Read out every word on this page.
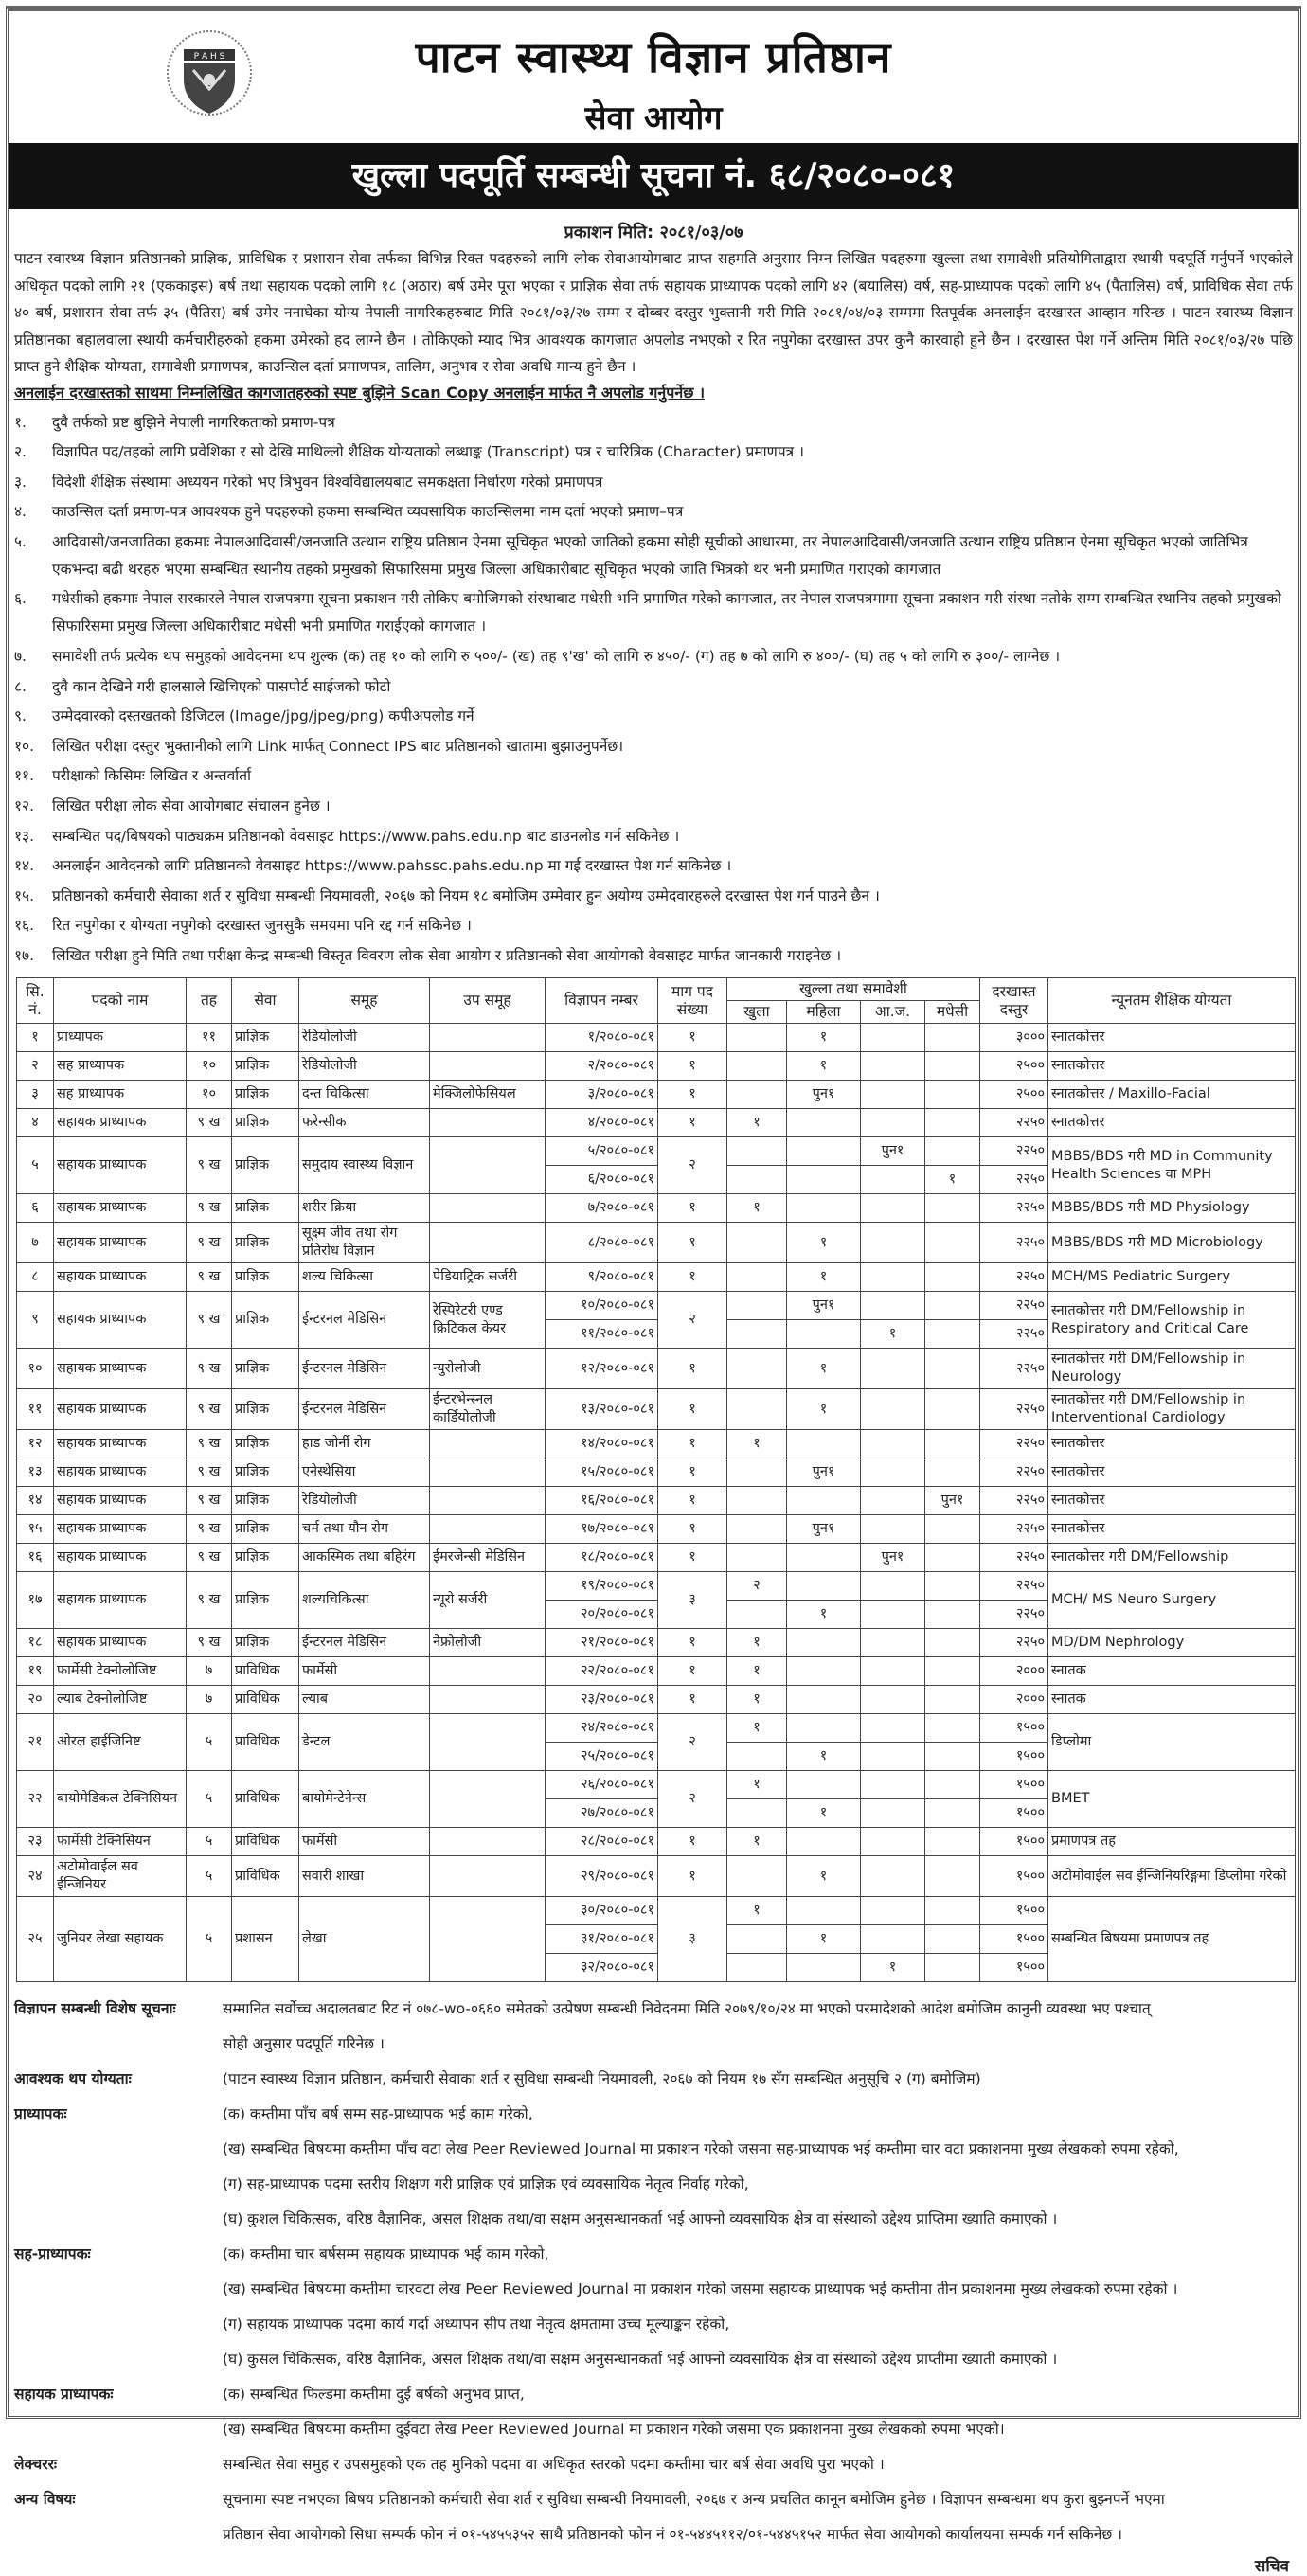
P A H S	पाटन स्वास्थ्य विज्ञान प्रतिष्ठान
सेवा आयोग
खुल्ला पदपूर्ति सम्बन्धी सूचना नं. ६८/२०८०-०८१
प्रकाशन मिति: २०८१/०३/०७

पाटन स्वास्थ्य विज्ञान प्रतिष्ठानको प्राज्ञिक, प्राविधिक र प्रशासन सेवा तर्फका विभिन्न रिक्त पदहरुको लागि लोक सेवाआयोगबाट प्राप्त सहमति अनुसार निम्न लिखित पदहरुमा खुल्ला तथा समावेशी प्रतियोगिताद्वारा स्थायी पदपूर्ति गर्नुपर्ने भएकोले अधिकृत पदको लागि २१ (एककाइस) बर्ष तथा सहायक पदको लागि १८ (अठार) बर्ष उमेर पूरा भएका र प्राज्ञिक सेवा तर्फ सहायक प्राध्यापक पदको लागि ४२ (बयालिस) वर्ष, सह-प्राध्यापक पदको लागि ४५ (पैतालिस) वर्ष, प्राविधिक सेवा तर्फ ४० बर्ष, प्रशासन सेवा तर्फ ३५ (पैतिस) बर्ष उमेर ननाघेका योग्य नेपाली नागरिकहरुबाट मिति २०८१/०३/२७ सम्म र दोब्बर दस्तुर भुक्तानी गरी मिति २०८१/०४/०३ सम्ममा रितपूर्वक अनलाईन दरखास्त आव्हान गरिन्छ । पाटन स्वास्थ्य विज्ञान प्रतिष्ठानका बहालवाला स्थायी कर्मचारीहरुको हकमा उमेरको हद लाग्ने छैन । तोकिएको म्याद भित्र आवश्यक कागजात अपलोड नभएको र रित नपुगेका दरखास्त उपर कुनै कारवाही हुने छैन । दरखास्त पेश गर्ने अन्तिम मिति २०८१/०३/२७ पछि प्राप्त हुने शैक्षिक योग्यता, समावेशी प्रमाणपत्र, काउन्सिल दर्ता प्रमाणपत्र, तालिम, अनुभव र सेवा अवधि मान्य हुने छैन ।

अनलाईन दरखास्तको साथमा निम्नलिखित कागजातहरुको स्पष्ट बुझिने Scan Copy अनलाईन मार्फत नै अपलोड गर्नुपर्नेछ ।
१.	दुवै तर्फको प्रष्ट बुझिने नेपाली नागरिकताको प्रमाण-पत्र
२.	विज्ञापित पद/तहको लागि प्रवेशिका र सो देखि माथिल्लो शैक्षिक योग्यताको लब्धाङ्क (Transcript) पत्र र चारित्रिक (Character) प्रमाणपत्र ।
३.	विदेशी शैक्षिक संस्थामा अध्ययन गरेको भए त्रिभुवन विश्वविद्यालयबाट समकक्षता निर्धारण गरेको प्रमाणपत्र
४.	काउन्सिल दर्ता प्रमाण-पत्र आवश्यक हुने पदहरुको हकमा सम्बन्धित व्यवसायिक काउन्सिलमा नाम दर्ता भएको प्रमाण–पत्र
५.	आदिवासी/जनजातिका हकमाः नेपालआदिवासी/जनजाति उत्थान राष्ट्रिय प्रतिष्ठान ऐनमा सूचिकृत भएको जातिको हकमा सोही सूचीको आधारमा, तर नेपालआदिवासी/जनजाति उत्थान राष्ट्रिय प्रतिष्ठान ऐनमा सूचिकृत भएको जातिभित्र एकभन्दा बढी थरहरु भएमा सम्बन्धित स्थानीय तहको प्रमुखको सिफारिसमा प्रमुख जिल्ला अधिकारीबाट सूचिकृत भएको जाति भित्रको थर भनी प्रमाणित गराएको कागजात
६.	मधेसीको हकमाः नेपाल सरकारले नेपाल राजपत्रमा सूचना प्रकाशन गरी तोकिए बमोजिमको संस्थाबाट मधेसी भनि प्रमाणित गरेको कागजात, तर नेपाल राजपत्रमामा सूचना प्रकाशन गरी संस्था नतोके सम्म सम्बन्धित स्थानिय तहको प्रमुखको सिफारिसमा प्रमुख जिल्ला अधिकारीबाट मधेसी भनी प्रमाणित गराईएको कागजात ।
७.	समावेशी तर्फ प्रत्येक थप समुहको आवेदनमा थप शुल्क (क) तह १० को लागि रु ५००/- (ख) तह ९'ख' को लागि रु ४५०/- (ग) तह ७ को लागि रु ४००/- (घ) तह ५ को लागि रु ३००/- लाग्नेछ ।
८.	दुवै कान देखिने गरी हालसाले खिचिएको पासपोर्ट साईजको फोटो
९.	उम्मेदवारको दस्तखतको डिजिटल (Image/jpg/jpeg/png) कपीअपलोड गर्ने
१०.	लिखित परीक्षा दस्तुर भुक्तानीको लागि Link मार्फत् Connect IPS बाट प्रतिष्ठानको खातामा बुझाउनुपर्नेछ।
११.	परीक्षाको किसिमः लिखित र अन्तर्वार्ता
१२.	लिखित परीक्षा लोक सेवा आयोगबाट संचालन हुनेछ ।
१३.	सम्बन्धित पद/बिषयको पाठ्यक्रम प्रतिष्ठानको वेवसाइट https://www.pahs.edu.np बाट डाउनलोड गर्न सकिनेछ ।
१४.	अनलाईन आवेदनको लागि प्रतिष्ठानको वेवसाइट https://www.pahssc.pahs.edu.np मा गई दरखास्त पेश गर्न सकिनेछ ।
१५.	प्रतिष्ठानको कर्मचारी सेवाका शर्त र सुविधा सम्बन्धी नियमावली, २०६७ को नियम १८ बमोजिम उम्मेवार हुन अयोग्य उम्मेदवारहरुले दरखास्त पेश गर्न पाउने छैन ।
१६.	रित नपुगेका र योग्यता नपुगेको दरखास्त जुनसुकै समयमा पनि रद्द गर्न सकिनेछ ।
१७.	लिखित परीक्षा हुने मिति तथा परीक्षा केन्द्र सम्बन्धी विस्तृत विवरण लोक सेवा आयोग र प्रतिष्ठानको सेवा आयोगको वेवसाइट मार्फत जानकारी गराइनेछ ।
सि. नं.	पदको नाम	तह	सेवा	समूह	उप समूह	विज्ञापन नम्बर	माग पद संख्या	खुल्ला तथा समावेशी				दरखास्त दस्तुर	न्यूनतम शैक्षिक योग्यता
								खुला	महिला	आ.ज.	मधेसी		
१	प्राध्यापक	११	प्राज्ञिक	रेडियोलोजी		१/२०८०-०८१	१		१			३०००	स्नातकोत्तर
२	सह प्राध्यापक	१०	प्राज्ञिक	रेडियोलोजी		२/२०८०-०८१	१		१			२५००	स्नातकोत्तर
३	सह प्राध्यापक	१०	प्राज्ञिक	दन्त चिकित्सा	मेक्जिलोफेसियल	३/२०८०-०८१	१		पुन१			२५००	स्नातकोत्तर / Maxillo-Facial
४	सहायक प्राध्यापक	९ ख	प्राज्ञिक	फरेन्सीक		४/२०८०-०८१	१	१				२२५०	स्नातकोत्तर
५	सहायक प्राध्यापक	९ ख	प्राज्ञिक	समुदाय स्वास्थ्य विज्ञान		५/२०८०-०८१	२			पुन१		२२५०	MBBS/BDS गरी MD in Community Health Sciences वा MPH
						६/२०८०-०८१					१	२२५०	
६	सहायक प्राध्यापक	९ ख	प्राज्ञिक	शरीर क्रिया		७/२०८०-०८१	१	१				२२५०	MBBS/BDS गरी MD Physiology
७	सहायक प्राध्यापक	९ ख	प्राज्ञिक	सूक्ष्म जीव तथा रोग प्रतिरोध विज्ञान		८/२०८०-०८१	१		१			२२५०	MBBS/BDS गरी MD Microbiology
८	सहायक प्राध्यापक	९ ख	प्राज्ञिक	शल्य चिकित्सा	पेडियाट्रिक सर्जरी	९/२०८०-०८१	१		१			२२५०	MCH/MS Pediatric Surgery
९	सहायक प्राध्यापक	९ ख	प्राज्ञिक	ईन्टरनल मेडिसिन	रेस्पिरेटरी एण्ड क्रिटिकल केयर	१०/२०८०-०८१	२		पुन१			२२५०	स्नातकोत्तर गरी DM/Fellowship in Respiratory and Critical Care
						११/२०८०-०८१				१		२२५०	
१०	सहायक प्राध्यापक	९ ख	प्राज्ञिक	ईन्टरनल मेडिसिन	न्युरोलोजी	१२/२०८०-०८१	१		१			२२५०	स्नातकोत्तर गरी DM/Fellowship in Neurology
११	सहायक प्राध्यापक	९ ख	प्राज्ञिक	ईन्टरनल मेडिसिन	ईन्टरभेन्स्नल कार्डियोलोजी	१३/२०८०-०८१	१		१			२२५०	स्नातकोत्तर गरी DM/Fellowship in Interventional Cardiology
१२	सहायक प्राध्यापक	९ ख	प्राज्ञिक	हाड जोर्नी रोग		१४/२०८०-०८१	१	१				२२५०	स्नातकोत्तर
१३	सहायक प्राध्यापक	९ ख	प्राज्ञिक	एनेस्थेसिया		१५/२०८०-०८१	१		पुन१			२२५०	स्नातकोत्तर
१४	सहायक प्राध्यापक	९ ख	प्राज्ञिक	रेडियोलोजी		१६/२०८०-०८१	१				पुन१	२२५०	स्नातकोत्तर
१५	सहायक प्राध्यापक	९ ख	प्राज्ञिक	चर्म तथा यौन रोग		१७/२०८०-०८१	१		पुन१			२२५०	स्नातकोत्तर
१६	सहायक प्राध्यापक	९ ख	प्राज्ञिक	आकस्मिक तथा बहिरंग	ईमरजेन्सी मेडिसिन	१८/२०८०-०८१	१			पुन१		२२५०	स्नातकोत्तर गरी DM/Fellowship
१७	सहायक प्राध्यापक	९ ख	प्राज्ञिक	शल्यचिकित्सा	न्यूरो सर्जरी	१९/२०८०-०८१	३	२				२२५०	MCH/ MS Neuro Surgery
						२०/२०८०-०८१			१			२२५०	
१८	सहायक प्राध्यापक	९ ख	प्राज्ञिक	ईन्टरनल मेडिसिन	नेफ्रोलोजी	२१/२०८०-०८१	१	१				२२५०	MD/DM Nephrology
१९	फार्मेसी टेक्नोलोजिष्ट	७	प्राविधिक	फार्मेसी		२२/२०८०-०८१	१	१				२०००	स्नातक
२०	ल्याब टेक्नोलोजिष्ट	७	प्राविधिक	ल्याब		२३/२०८०-०८१	१	१				२०००	स्नातक
२१	ओरल हाईजिनिष्ट	५	प्राविधिक	डेन्टल		२४/२०८०-०८१	२	१				१५००	डिप्लोमा
						२५/२०८०-०८१			१			१५००	
२२	बायोमेडिकल टेक्निसियन	५	प्राविधिक	बायोमेन्टेनेन्स		२६/२०८०-०८१	२	१				१५००	BMET
						२७/२०८०-०८१			१			१५००	
२३	फार्मेसी टेक्निसियन	५	प्राविधिक	फार्मेसी		२८/२०८०-०८१	१	१				१५००	प्रमाणपत्र तह
२४	अटोमोवाईल सव ईन्जिनियर	५	प्राविधिक	सवारी शाखा		२९/२०८०-०८१	१		१			१५००	अटोमोवाईल सव ईन्जिनियरिङ्गमा डिप्लोमा गरेको
२५	जुनियर लेखा सहायक	५	प्रशासन	लेखा		३०/२०८०-०८१	३	१				१५००	सम्बन्धित बिषयमा प्रमाणपत्र तह
						३१/२०८०-०८१			१			१५००	
						३२/२०८०-०८१				१		१५००	
विज्ञापन सम्बन्धी विशेष सूचनाः	सम्मानित सर्वोच्च अदालतबाट रिट नं ०७८-wo-०६६० समेतको उत्प्रेषण सम्बन्धी निवेदनमा मिति २०७९/१०/२४ मा भएको परमादेशको आदेश बमोजिम कानुनी व्यवस्था भए पश्चात्
सोही अनुसार पदपूर्ति गरिनेछ ।
आवश्यक थप योग्यताः	(पाटन स्वास्थ्य विज्ञान प्रतिष्ठान, कर्मचारी सेवाका शर्त र सुविधा सम्बन्धी नियमावली, २०६७ को नियम १७ सँग सम्बन्धित अनुसूचि २ (ग) बमोजिम)
प्राध्यापकः	(क) कम्तीमा पाँच बर्ष सम्म सह-प्राध्यापक भई काम गरेको,
(ख) सम्बन्धित बिषयमा कम्तीमा पाँच वटा लेख Peer Reviewed Journal मा प्रकाशन गरेको जसमा सह-प्राध्यापक भई कम्तीमा चार वटा प्रकाशनमा मुख्य लेखकको रुपमा रहेको,
(ग) सह-प्राध्यापक पदमा स्तरीय शिक्षण गरी प्राज्ञिक एवं प्राज्ञिक एवं व्यवसायिक नेतृत्व निर्वाह गरेको,
(घ) कुशल चिकित्सक, वरिष्ठ वैज्ञानिक, असल शिक्षक तथा/वा सक्षम अनुसन्धानकर्ता भई आफ्नो व्यवसायिक क्षेत्र वा संस्थाको उद्देश्य प्राप्तिमा ख्याति कमाएको ।
सह-प्राध्यापकः	(क) कम्तीमा चार बर्षसम्म सहायक प्राध्यापक भई काम गरेको,
(ख) सम्बन्धित बिषयमा कम्तीमा चारवटा लेख Peer Reviewed Journal मा प्रकाशन गरेको जसमा सहायक प्राध्यापक भई कम्तीमा तीन प्रकाशनमा मुख्य लेखकको रुपमा रहेको ।
(ग) सहायक प्राध्यापक पदमा कार्य गर्दा अध्यापन सीप तथा नेतृत्व क्षमतामा उच्च मूल्याङ्कन रहेको,
(घ) कुसल चिकित्सक, वरिष्ठ वैज्ञानिक, असल शिक्षक तथा/वा सक्षम अनुसन्धानकर्ता भई आफ्नो व्यवसायिक क्षेत्र वा संस्थाको उद्देश्य प्राप्तीमा ख्याती कमाएको ।
सहायक प्राध्यापकः	(क) सम्बन्धित फिल्डमा कम्तीमा दुई बर्षको अनुभव प्राप्त,
(ख) सम्बन्धित बिषयमा कम्तीमा दुईवटा लेख Peer Reviewed Journal मा प्रकाशन गरेको जसमा एक प्रकाशनमा मुख्य लेखकको रुपमा भएको।
लेक्चररः	सम्बन्धित सेवा समुह र उपसमुहको एक तह मुनिको पदमा वा अधिकृत स्तरको पदमा कम्तीमा चार बर्ष सेवा अवधि पुरा भएको ।
अन्य विषयः	सूचनामा स्पष्ट नभएका बिषय प्रतिष्ठानको कर्मचारी सेवा शर्त र सुविधा सम्बन्धी नियमावली, २०६७ र अन्य प्रचलित कानून बमोजिम हुनेछ । विज्ञापन सम्बन्धमा थप कुरा बुझ्नपर्ने भएमा
प्रतिष्ठान सेवा आयोगको सिधा सम्पर्क फोन नं ०१-५४५५३५२ साथै प्रतिष्ठानको फोन नं ०१-५४४५११२/०१-५४४५१५२ मार्फत सेवा आयोगको कार्यालयमा सम्पर्क गर्न सकिनेछ ।
सचिव
